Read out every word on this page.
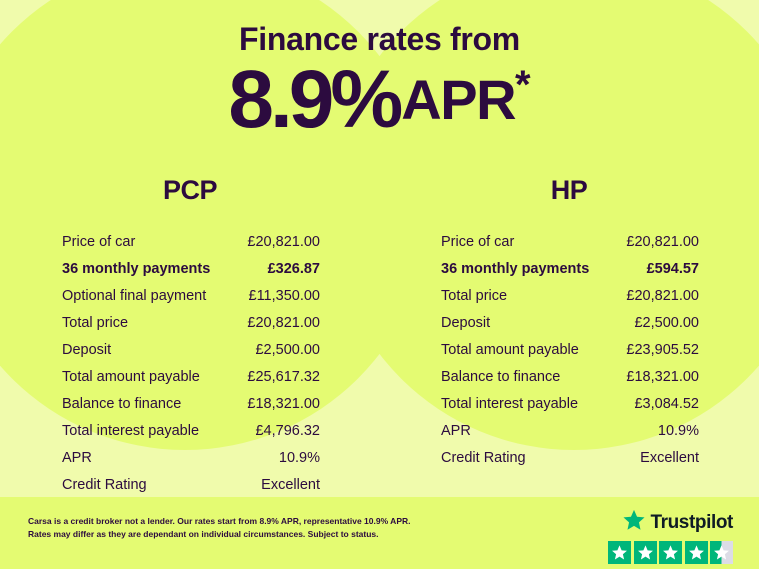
Finance rates from
8.9%APR*
PCP
Price of car	£20,821.00
36 monthly payments	£326.87
Optional final payment	£11,350.00
Total price	£20,821.00
Deposit	£2,500.00
Total amount payable	£25,617.32
Balance to finance	£18,321.00
Total interest payable	£4,796.32
APR	10.9%
Credit Rating	Excellent
HP
Price of car	£20,821.00
36 monthly payments	£594.57
Total price	£20,821.00
Deposit	£2,500.00
Total amount payable	£23,905.52
Balance to finance	£18,321.00
Total interest payable	£3,084.52
APR	10.9%
Credit Rating	Excellent
Carsa is a credit broker not a lender. Our rates start from 8.9% APR, representative 10.9% APR.
Rates may differ as they are dependant on individual circumstances. Subject to status.
Trustpilot
